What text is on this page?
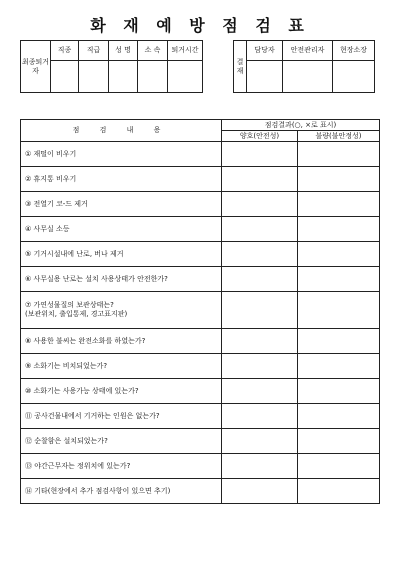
화 재 예 방 점 검 표
최종퇴거자	직종	직급	성 명	소 속	퇴거시간

결재	담당자	안전관리자	현장소장

점 검 내 용	점검결과(○, ×로 표시)	
	양호(안전성)	불량(불안정성)

① 재떨이 비우기		

② 휴지통 비우기		

③ 전열기 코-드 제거		

④ 사무실 소등		

⑤ 기거시설내에 난로, 버나 제거		

⑥ 사무실용 난로는 설치 사용상태가 안전한가?		

⑦ 가연성물질의 보관상태는?
(보관위치, 출입통제, 경고표지판)		

⑧ 사용한 불씨는 완전소화를 하였는가?		

⑨ 소화기는 비치되었는가?		

⑩ 소화기는 사용가능 상태에 있는가?		

⑪ 공사건물내에서 기거하는 인원은 없는가?		

⑫ 순찰함은 설치되었는가?		

⑬ 야간근무자는 정위치에 있는가?		

⑭ 기타(현장에서 추가 점검사항이 있으면 추기)		
